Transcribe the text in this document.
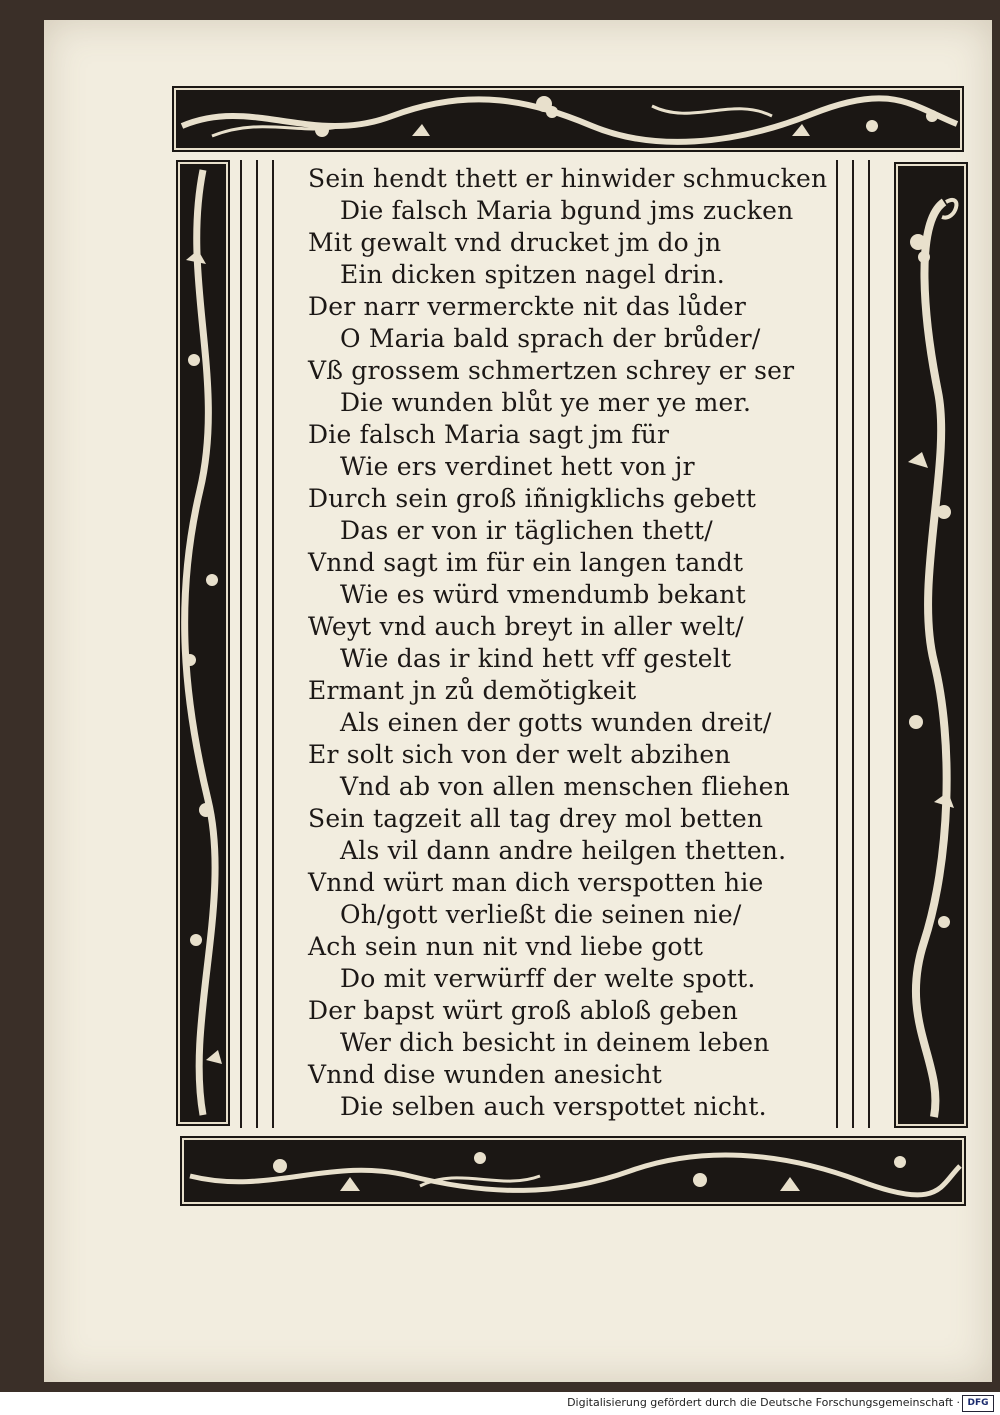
Sein hendt thett er hinwider schmucken
Die falsch Maria bgund jms zucken
Mit gewalt vnd drucket jm do jn
Ein dicken spitzen nagel drin.
Der narr vermerckte nit das lůder
O Maria bald sprach der brůder/
Vß grossem schmertzen schrey er ser
Die wunden blůt ye mer ye mer.
Die falsch Maria sagt jm für
Wie ers verdinet hett von jr
Durch sein groß iñnigklichs gebett
Das er von ir täglichen thett/
Vnnd sagt im für ein langen tandt
Wie es würd vmendumb bekant
Weyt vnd auch breyt in aller welt/
Wie das ir kind hett vff gestelt
Ermant jn zů demŏtigkeit
Als einen der gotts wunden dreit/
Er solt sich von der welt abzihen
Vnd ab von allen menschen fliehen
Sein tagzeit all tag drey mol betten
Als vil dann andre heilgen thetten.
Vnnd würt man dich verspotten hie
Oh/gott verließt die seinen nie/
Ach sein nun nit vnd liebe gott
Do mit verwürff der welte spott.
Der bapst würt groß abloß geben
Wer dich besicht in deinem leben
Vnnd dise wunden anesicht
Die selben auch verspottet nicht.
Digitalisierung gefördert durch die Deutsche Forschungsgemeinschaft · DFG
